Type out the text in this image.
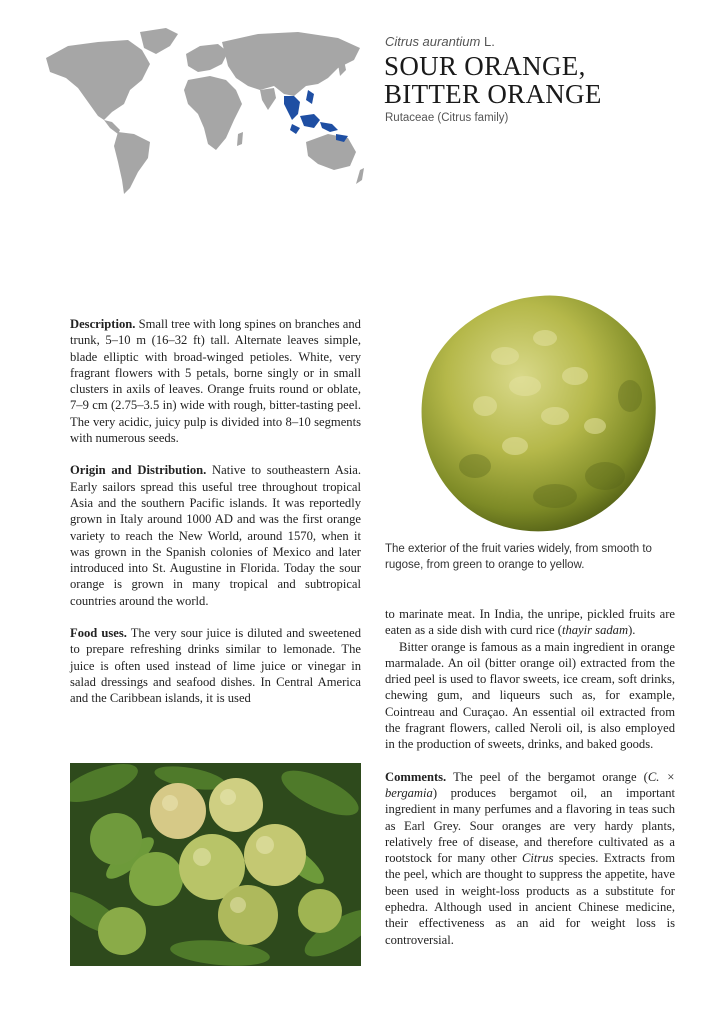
Citrus aurantium L.
SOUR ORANGE,
BITTER ORANGE
Rutaceae (Citrus family)
The exterior of the fruit varies widely, from smooth to rugose, from green to orange to yellow.

Description. Small tree with long spines on branches and trunk, 5–10 m (16–32 ft) tall. Alternate leaves simple, blade elliptic with broad-winged petioles. White, very fragrant flowers with 5 petals, borne singly or in small clusters in axils of leaves. Orange fruits round or oblate, 7–9 cm (2.75–3.5 in) wide with rough, bitter-tasting peel. The very acidic, juicy pulp is divided into 8–10 segments with numerous seeds.

Origin and Distribution. Native to southeastern Asia. Early sailors spread this useful tree throughout tropical Asia and the southern Pacific islands. It was reportedly grown in Italy around 1000 AD and was the first orange variety to reach the New World, around 1570, when it was grown in the Spanish colonies of Mexico and later introduced into St. Augustine in Florida. Today the sour orange is grown in many tropical and subtropical countries around the world.

Food uses. The very sour juice is diluted and sweetened to prepare refreshing drinks similar to lemonade. The juice is often used instead of lime juice or vinegar in salad dressings and seafood dishes. In Central America and the Caribbean islands, it is used

to marinate meat. In India, the unripe, pickled fruits are eaten as a side dish with curd rice (thayir sadam).

Bitter orange is famous as a main ingredient in orange marmalade. An oil (bitter orange oil) extracted from the dried peel is used to flavor sweets, ice cream, soft drinks, chewing gum, and liqueurs such as, for example, Cointreau and Curaçao. An essential oil extracted from the fragrant flowers, called Neroli oil, is also employed in the production of sweets, drinks, and baked goods.

Comments. The peel of the bergamot orange (C. × bergamia) produces bergamot oil, an important ingredient in many perfumes and a flavoring in teas such as Earl Grey. Sour oranges are very hardy plants, relatively free of disease, and therefore cultivated as a rootstock for many other Citrus species. Extracts from the peel, which are thought to suppress the appetite, have been used in weight-loss products as a substitute for ephedra. Although used in ancient Chinese medicine, their effectiveness as an aid for weight loss is controversial.
